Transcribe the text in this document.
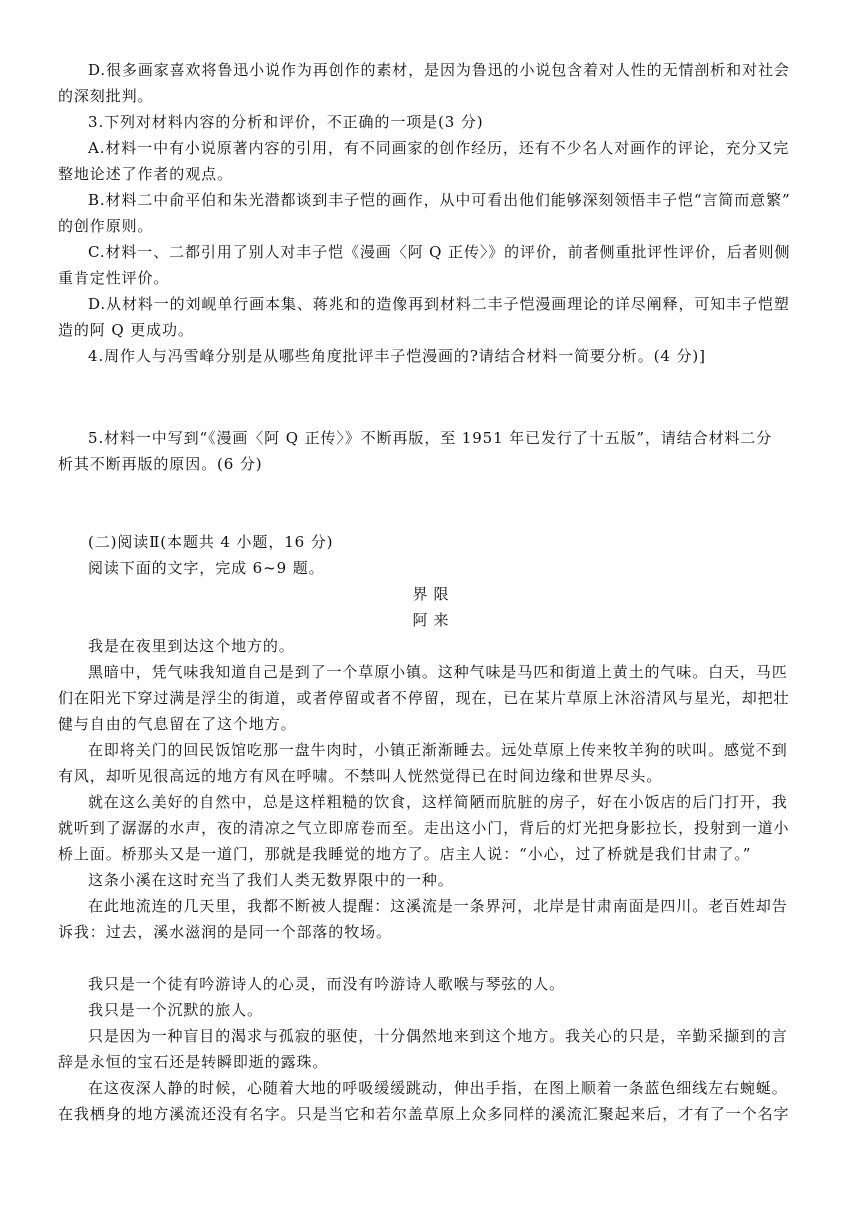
D.很多画家喜欢将鲁迅小说作为再创作的素材，是因为鲁迅的小说包含着对人性的无情剖析和对社会
的深刻批判。
3.下列对材料内容的分析和评价，不正确的一项是(3 分)
A.材料一中有小说原著内容的引用，有不同画家的创作经历，还有不少名人对画作的评论，充分又完
整地论述了作者的观点。
B.材料二中俞平伯和朱光潜都谈到丰子恺的画作，从中可看出他们能够深刻领悟丰子恺“言简而意繁”
的创作原则。
C.材料一、二都引用了别人对丰子恺《漫画〈阿 Q 正传〉》的评价，前者侧重批评性评价，后者则侧
重肯定性评价。
D.从材料一的刘岘单行画本集、蒋兆和的造像再到材料二丰子恺漫画理论的详尽阐释，可知丰子恺塑
造的阿 Q 更成功。
4.周作人与冯雪峰分别是从哪些角度批评丰子恺漫画的?请结合材料一简要分析。(4 分)]
5.材料一中写到“《漫画〈阿 Q 正传〉》不断再版，至 1951 年已发行了十五版”，请结合材料二分
析其不断再版的原因。(6 分)
(二)阅读Ⅱ(本题共 4 小题，16 分)
阅读下面的文字，完成 6~9 题。
界限
阿来
我是在夜里到达这个地方的。
黑暗中，凭气味我知道自己是到了一个草原小镇。这种气味是马匹和街道上黄土的气味。白天，马匹
们在阳光下穿过满是浮尘的街道，或者停留或者不停留，现在，已在某片草原上沐浴清风与星光，却把壮
健与自由的气息留在了这个地方。
在即将关门的回民饭馆吃那一盘牛肉时，小镇正渐渐睡去。远处草原上传来牧羊狗的吠叫。感觉不到
有风，却听见很高远的地方有风在呼啸。不禁叫人恍然觉得已在时间边缘和世界尽头。
就在这么美好的自然中，总是这样粗糙的饮食，这样简陋而肮脏的房子，好在小饭店的后门打开，我
就听到了潺潺的水声，夜的清凉之气立即席卷而至。走出这小门，背后的灯光把身影拉长，投射到一道小
桥上面。桥那头又是一道门，那就是我睡觉的地方了。店主人说：“小心，过了桥就是我们甘肃了。”
这条小溪在这时充当了我们人类无数界限中的一种。
在此地流连的几天里，我都不断被人提醒：这溪流是一条界河，北岸是甘肃南面是四川。老百姓却告
诉我：过去，溪水滋润的是同一个部落的牧场。
我只是一个徒有吟游诗人的心灵，而没有吟游诗人歌喉与琴弦的人。
我只是一个沉默的旅人。
只是因为一种盲目的渴求与孤寂的驱使，十分偶然地来到这个地方。我关心的只是，辛勤采撷到的言
辞是永恒的宝石还是转瞬即逝的露珠。
在这夜深人静的时候，心随着大地的呼吸缓缓跳动，伸出手指，在图上顺着一条蓝色细线左右蜿蜒。
在我栖身的地方溪流还没有名字。只是当它和若尔盖草原上众多同样的溪流汇聚起来后，才有了一个名字
